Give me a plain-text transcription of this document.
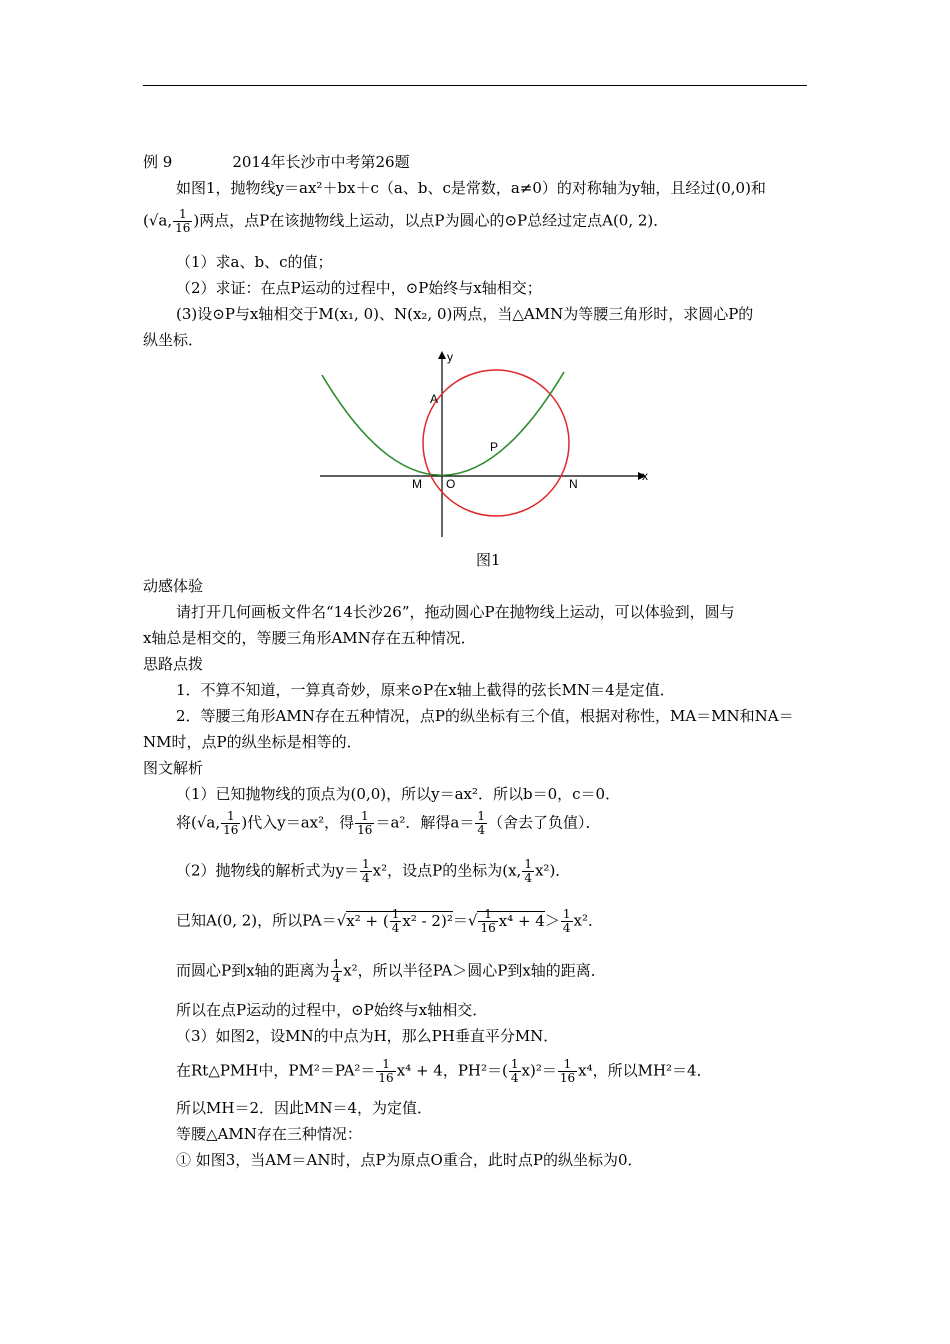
例 9	2014年长沙市中考第26题
如图1，抛物线y＝ax²＋bx＋c（a、b、c是常数，a≠0）的对称轴为y轴，且经过(0,0)和
(√a, $\frac{1}{16}$ )两点，点P在该抛物线上运动，以点P为圆心的⊙P总经过定点A(0, 2)．
（1）求a、b、c的值；
（2）求证：在点P运动的过程中，⊙P始终与x轴相交；
(3)设⊙P与x轴相交于M(x₁, 0)、N(x₂, 0)两点，当△AMN为等腰三角形时，求圆心P的
纵坐标．
y
x
A
P
M O	N
图1
动感体验
请打开几何画板文件名“14长沙26”，拖动圆心P在抛物线上运动，可以体验到，圆与
x轴总是相交的，等腰三角形AMN存在五种情况．
思路点拨
1．不算不知道，一算真奇妙，原来⊙P在x轴上截得的弦长MN＝4是定值．
2．等腰三角形AMN存在五种情况，点P的纵坐标有三个值，根据对称性，MA＝MN和NA＝
NM时，点P的纵坐标是相等的．
图文解析
（1）已知抛物线的顶点为(0,0)，所以y＝ax²．所以b＝0，c＝0．
将(√a, $\frac{1}{16}$ )代入y＝ax²，得 $\frac{1}{16} =a^2$．解得$a= \frac{1}{4}$ （舍去了负值）．
（2）抛物线的解析式为$y= \frac{1}{4} x^2$，设点P的坐标为(x, $\frac{1}{4} x^2$)．
已知A(0, 2)，所以PA＝√x² + ( $\frac{1}{4} x^2 - 2)^2=√ \frac{1}{16} x^4 + 4> \frac{1}{4} x^2$．
而圆心P到x轴的距离为 $\frac{1}{4} x^2$，所以半径PA＞圆心P到x轴的距离．
所以在点P运动的过程中，⊙P始终与x轴相交．
（3）如图2，设MN的中点为H，那么PH垂直平分MN．
在Rt△PMH中，$PM^2=PA^2= \frac{1}{16} x^4 + 4$，$PH^2=( \frac{1}{4} x)^2= \frac{1}{16} x^4$，所以MH²＝4．
所以MH＝2．因此MN＝4，为定值．
等腰△AMN存在三种情况：
① 如图3，当AM＝AN时，点P为原点O重合，此时点P的纵坐标为0．
